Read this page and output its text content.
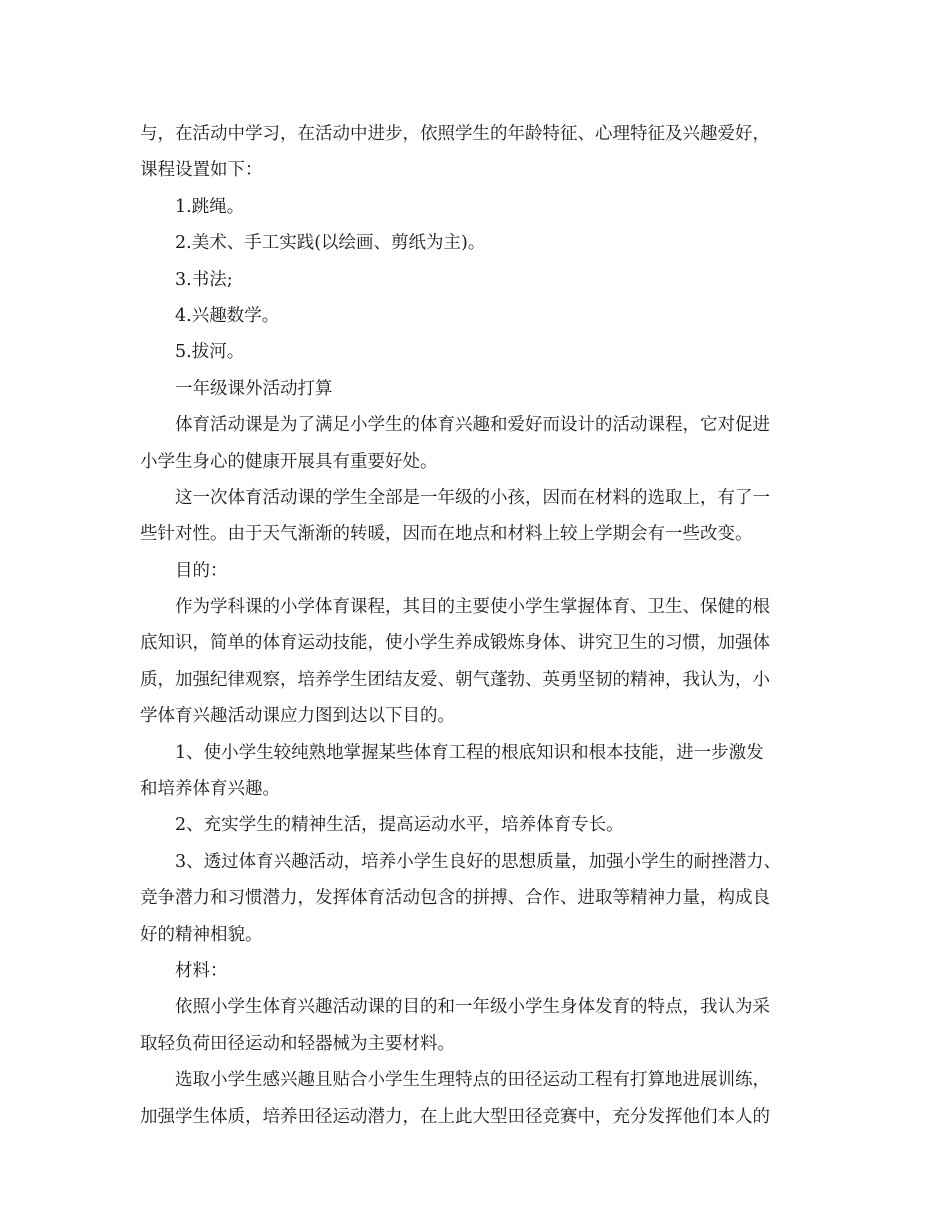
与，在活动中学习，在活动中进步，依照学生的年龄特征、心理特征及兴趣爱好，
课程设置如下：
1.跳绳。
2.美术、手工实践(以绘画、剪纸为主)。
3.书法;
4.兴趣数学。
5.拔河。
一年级课外活动打算
体育活动课是为了满足小学生的体育兴趣和爱好而设计的活动课程，它对促进
小学生身心的健康开展具有重要好处。
这一次体育活动课的学生全部是一年级的小孩，因而在材料的选取上，有了一
些针对性。由于天气渐渐的转暖，因而在地点和材料上较上学期会有一些改变。
目的：
作为学科课的小学体育课程，其目的主要使小学生掌握体育、卫生、保健的根
底知识，简单的体育运动技能，使小学生养成锻炼身体、讲究卫生的习惯，加强体
质，加强纪律观察，培养学生团结友爱、朝气蓬勃、英勇坚韧的精神，我认为，小
学体育兴趣活动课应力图到达以下目的。
1、使小学生较纯熟地掌握某些体育工程的根底知识和根本技能，进一步激发
和培养体育兴趣。
2、充实学生的精神生活，提高运动水平，培养体育专长。
3、透过体育兴趣活动，培养小学生良好的思想质量，加强小学生的耐挫潜力、
竞争潜力和习惯潜力，发挥体育活动包含的拼搏、合作、进取等精神力量，构成良
好的精神相貌。
材料：
依照小学生体育兴趣活动课的目的和一年级小学生身体发育的特点，我认为采
取轻负荷田径运动和轻器械为主要材料。
选取小学生感兴趣且贴合小学生生理特点的田径运动工程有打算地进展训练，
加强学生体质，培养田径运动潜力，在上此大型田径竞赛中，充分发挥他们本人的
